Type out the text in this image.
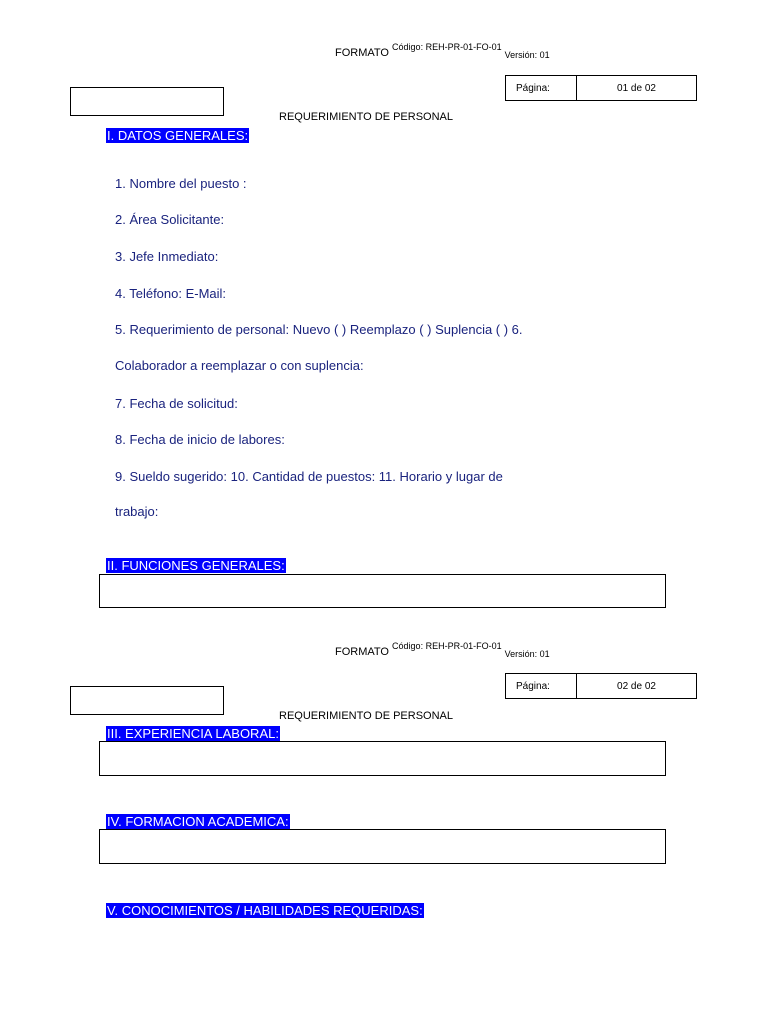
FORMATO $^{Código: REH-PR-01-FO-01}$ Versión: 01
Página:	01 de 02
REQUERIMIENTO DE PERSONAL
I. DATOS GENERALES:
1. Nombre del puesto :
2. Área Solicitante:
3. Jefe Inmediato:
4. Teléfono: E-Mail:
5. Requerimiento de personal: Nuevo ( ) Reemplazo ( ) Suplencia ( ) 6.
Colaborador a reemplazar o con suplencia:
7. Fecha de solicitud:
8. Fecha de inicio de labores:
9. Sueldo sugerido: 10. Cantidad de puestos: 11. Horario y lugar de
trabajo:
II. FUNCIONES GENERALES:
FORMATO $^{Código: REH-PR-01-FO-01}$ Versión: 01
Página:	02 de 02
REQUERIMIENTO DE PERSONAL
III. EXPERIENCIA LABORAL:
IV. FORMACION ACADEMICA:
V. CONOCIMIENTOS / HABILIDADES REQUERIDAS:
